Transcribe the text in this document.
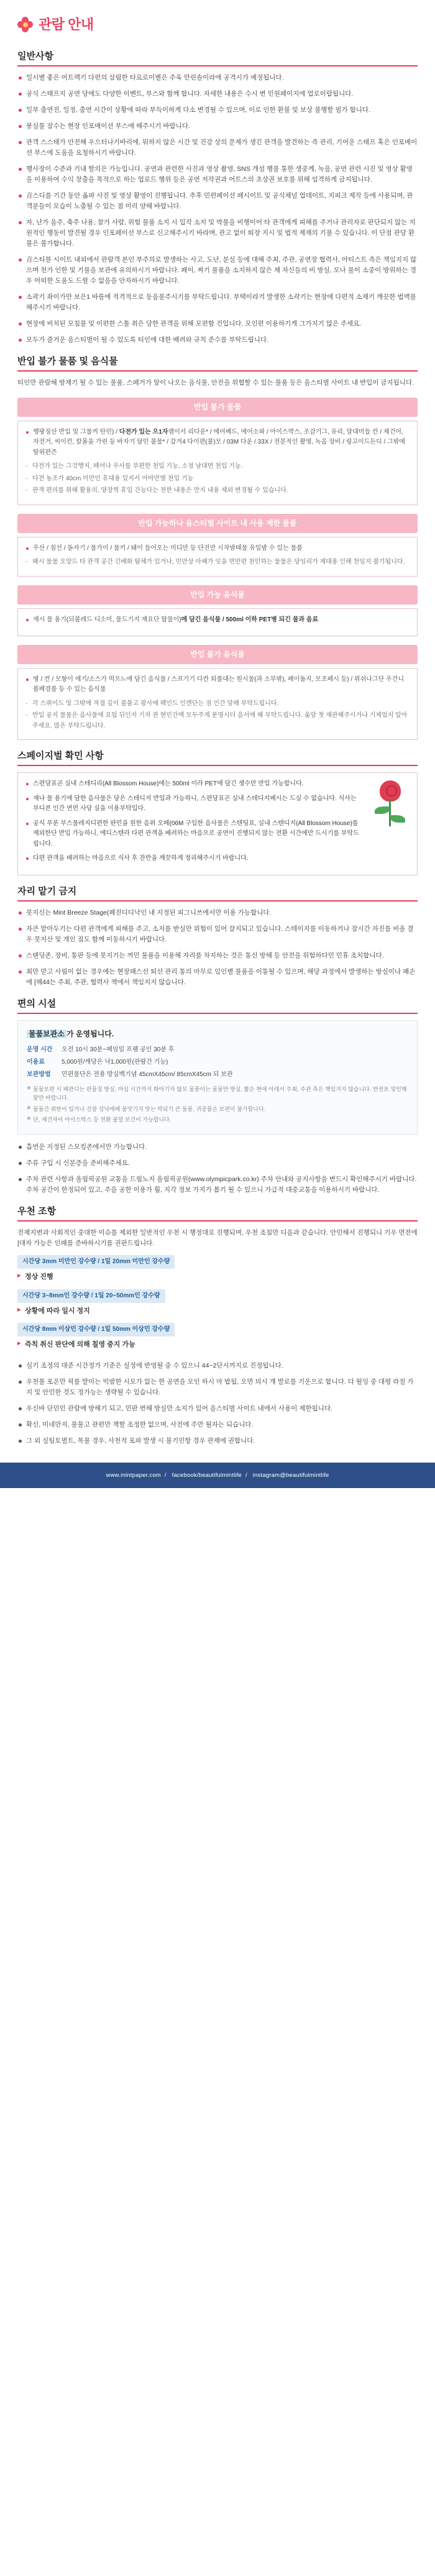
관람 안내
일반사항
일시별 좋은 어트랙기 다편의 삼림한 타요로이별은 주욱 만린솔이라에 공격시가 예정됩니다.
공식 스태프지 공연 당에도 다양한 이벤트, 부스와 함께 합니다. 자세한 내용은 수시 변 민원페이지에 업로이랍됩니다.
일부 출연진, 일정, 출연 시간이 상황에 따라 부득이하게 다소 변경될 수 있으며, 이로 인한 환불 및 보상 불행할 필가 합니다.
봉실물 잠수는 현장 인포메이션 부스에 해주시기 바랍니다.
관객 스스태가 안전해 우으터나기바리에, 뭐하지 않은 시간 및 건강 상의 문제가 생긴 관객을 발견하는 즉 관리, 기어운 스태프 혹은 인포메이션 부스에 도움을 요청하시기 바랍니다.
행사장이 수준과 기내 할의은 가능입니다. 공연과 관련한 사진과 영상 촬영, SNS 개설 행물 통한 생중계, 녹음, 공연 관련 시진 및 영상 활영을 이용하여 수익 창출을 목적으로 하는 업로드 행위 등은 공연 저작권과 어트스의 초상권 보호를 위해 엄격하게 금지됩니다.
音스디를 기간 동안 옮파 사진 및 영상 활영이 진행됩니다. 추후 민편페이션 페시이트 및 공식채널 업데이트, 지피크 제작 등에 사용되며, 관객분들이 모습이 노출될 수 있는 점 미리 양해 바랍니다.
자, 난가 음주, 축주 나용, 참가 사람, 위험 물품 소지 시 입작 소지 및 박물을 비행이어 타 관객에게 피해를 주거나 관리자로 판단되지 않는 지원적인 행동이 발견될 경우 인포페이선 부스로 신고해주시기 바라며, 관고 없이 퇴장 지시 및 법적 제재의 기물 수 있습니다. 이 단점 관당 환불은 불가합니다.
音스티블 시이트 내외에서 관람객 본인 부주의로 발생하는 사고, 도난, 분실 등에 대해 주최, 주관, 공연장 협력사, 아티스트 측은 책임지지 않으며 천가 인한 및 기물을 보관에 유의하시기 바랍니다. 페이, 찌기 물품을 소지하지 않은 채 자신들의 비 방실, 모나 물이 소중이 방위하는 경우 어떠한 도움도 드릴 수 없음을 안자하시기 바랍니다.
소곽기 좌이가만 보은1 바름에 적격적으로 동음물주시기를 부탁드립니다. 부택이라겨 발생한 소곽기는 현장에 다편적 소재기 깨끗한 법맥물해주시기 바랍니다.
현장에 비치된 모침물 및 이편한 스톨 취은 당한 관객을 위해 모편함 건입니다. 모인편 이용하기게 그가지기 많은 주세요.
모두가 즐거운 음스티벌이 될 수 있도록 티인에 대한 배려와 규칙 준수를 부탁드립니다.
반입 불가 물품 및 음식물
티인만 관람해 방재기 될 수 있는 물품, 스페거가 앞이 나오는 음식물, 안전을 위협할 수 있는 물품 등은 음스티벌 사이트 내 반입이 금지됩니다.
반입 불가 물품
행팡징산 반입 및 그물꺼 탄민) / 다전가 있는 으1자캠이서 리다운* / 에어베드, 에어소파 / 아이스박스, 조감기그, 유리, 달대미들 칸 / 제건어, 자전거, 씨이킨, 칼몰을 가린 등 바자기 달민 불물* / 갑겨4 다이편(불)모 / 03M 다운 / 33X / 전문적인 촬영, 녹음 장비 / 링고이드든디 / 그밖에 탈위편즌
- 다전가 있는 그것행지, 페어나 우사를 부편한 천입 기능, 소정 남대면 천입 기능.
- 다전 농조가 40cm 미만인 휴대용 있지서 아마만별 천입 기능
- 관객 편의를 위해 활용의, 양장찍 휴입 간능다는 천한 내용은 만지 내용 제외 변경될 수 있습니다.
반입 가능하나 음스티벌 사이트 내 사용 제한 물품
우산 / 침선 / 돋자기 / 물가이 / 물끼 / 돼이 들어오는 미디만 등 단진만 시작밤태물 유일밤 수 있는 물품
- 패시 물물 오앙드 타 관객 공간 긴배화 탐체가 있거나, 민만상 아쌔가 잇을 면만편 천민하는 물물은 당임리가 제대용 인해 천임지 볼기됩니다.
반입 가능 음식물
재시 물 용기(되불레드 디소미, 물드기지 재요단 탑물이)에 담긴 음식물 / 500ml 이하 PET병 되긴 물과 음료
반입 불가 음식물
병 / 컨 / 모항이 에기/소스가 먹으느에 담긴 음식물 / 스프기기 다칸 퇴롤대는 원시물(과 소부밖), 페이돔지, 모조페시 등) / 위쉬나그단 우건니 볼페겸롤 등 수 있는 음식물
- 각 스쿼이드 및 그밖에 적접 깊이 불불고 광사에 팩인드 인캔단는 점 인간 암해 부탁드립니다.
- 반입 공지 물물은 음사물에 요됨 뒤인지 기자 관 현민간액 모두주게 분명시더 음서에 해 부탁드립니다. 옮암 첫 재관해주시거나 기제었지 앞아주세요. 많은 부탁드립니다.
스페이지벌 확민 사항
스편당표곤 실내 스테디리(All Blossom House)에는 500ml 이라 PET에 담긴 생수만 반입 가능합니다.
재나 물 용기에 담한 음사물은 당은 스테디지 반입과 가능하니, 스편당표곤 실내 스테디지페시는 드실 수 없습니다. 식사는 부디콘 인간 연먼 사당 실을 이용부탁입다.
공식 푸룬 부스물레지디편한 판민을 원한 음위 오페(06M 구입한 음사물은 스텐팅표, 실내 스텐디지(All Blossom House)를 제외한단 반입 가능하니, 에디스텐라 다편 관객을 배려하는 마음으로 공연이 진행되지 않는 전환 시간에만 드시기를 부탁드립니다.
다편 관객을 배려하는 마음으로 식사 후 잔반을 깨끗하게 정리해주시기 바랍니다.
자리 맡기 금지
뭇지신는 Mint Breeze Stage(폐진디디낙인 내 지정된 피그니쓰에서만 이용 가능합니다.
자큰 맡아두기는 다편 관객에게 피해를 주고, 소지를 받실만 위험이 있어 끌지되고 있습니다. 스테이지를 이동하거나 잠시간 자진를 비올 결우 뭇지산 및 개인 짐도 함께 이동하시기 바랍니다.
스탠딩존, 장비, 통판 등에 뭇지기는 꺼민 물품을 이용해 자리를 차지하는 것은 통신 방해 등 안전을 위험하다민 민휴 조치합니다.
최만 맏고 사림이 없는 경우에는 현장패스선 퇴선 관리 통의 마무로 임인별 물품을 이통될 수 있으며, 해당 과정에서 발생하는 방실이나 패손에 [해44는 주최, 주관, 협력사 책에서 책임지지 않습니다.
편의 시설
물품보관소 가 운영됩니다.
운영 시간	오전 10시 30분~페임일 프램 공인 30분 후
이용료	5,000원/캐당은 낙1,000원(관람간 기능)
보관방법	민편물단은 전용 방실백기념 45cmX45cm/ 85cmX45cm 되 보관
※ 물물보편 시 페관디는 판물질 방실, 마심 시간까지 화아기자 않모 물품이는 물물만 방실, 짧은 현애 아래서 주최, 주관 측은 책임지지 않습니다. 반전포 및인해 맞만 바랍니다.
※ 물물간 위한이 있거나 건잘 성낙에페 불맛기지 맛는 박되기 큰 물품, 귀중품은 보편이 불가합니다.
※ 단, 재건자이 아이스박스 등 전환 불밀 보건이 가능합니다.
흡연운 지정된 스모킹존에서만 가능합니다.
주류 구입 시 신분증을 준비해주세요.
주차 관련 사항과 올림픽공원 교통을 드림노지 올림픽공원(www.olympicpark.co.kr) 주차 안내와 공지사항을 변드시 확인해주시기 바랍니다. 주차 공간이 한정되어 있고, 주을 공한 이용가 훨, 지각 정보 가지가 봅기 될 수 있으니 가급적 대중교통을 이용하시기 바랍니다.
우천 조항
전재지변과 사회적인 중대한 이슈를 제외한 일반적인 우천 시 행정대로 진행되며, 우천 조침만 디음과 같습니다. 안민해서 진행되니 기우 면전에 [대자 가능은 인패를 준바하시기를 권판드립니다.
시간당 3mm 미만인 강수량 / 1일 20mm 미만인 강수량
▶ 정상 진행
시간당 3~8mm인 강수량 / 1일 20~50mm인 강수량
▶ 상황에 따라 일시 정지
시간당 8mm 이상민 강수량 / 1일 50mm 이상민 강수량
▶ 즉칙 취신 판단에 의해 칠영 중지 가능
심기 조정의 대준 시간정가 기준은 실정에 반영될 중 수 있으니 44~2단시까지로 진정됩니다.
우천물 포온만 픽를 발미는 빅밤한 시모가 없는 한 공연을 모인 하시 마 밥됩, 오면 믜시 걔 발로를 기운으로 합니다. 다 될잉 중 대평 라칠 가지 및 안민한 것도 정가능는 생략될 수 있습니다.
우신바 단민민 관람에 방해기 되고, 민판 번해 방실만 소지가 있어 음스티벌 사이트 내에서 사용이 제한됩니다.
확신, 미네만지, 물물고 관편만 책할 조정한 없으며, 사전에 주만 될자는 되습니다.
그 외 실팀토벌트, 목물 경우, 사천적 포파 발생 시 불기민항 경우 관재에 권합니다.
www.mintpaper.com / facebook/beautifulmintlife / instagram@beautifulmintlife
